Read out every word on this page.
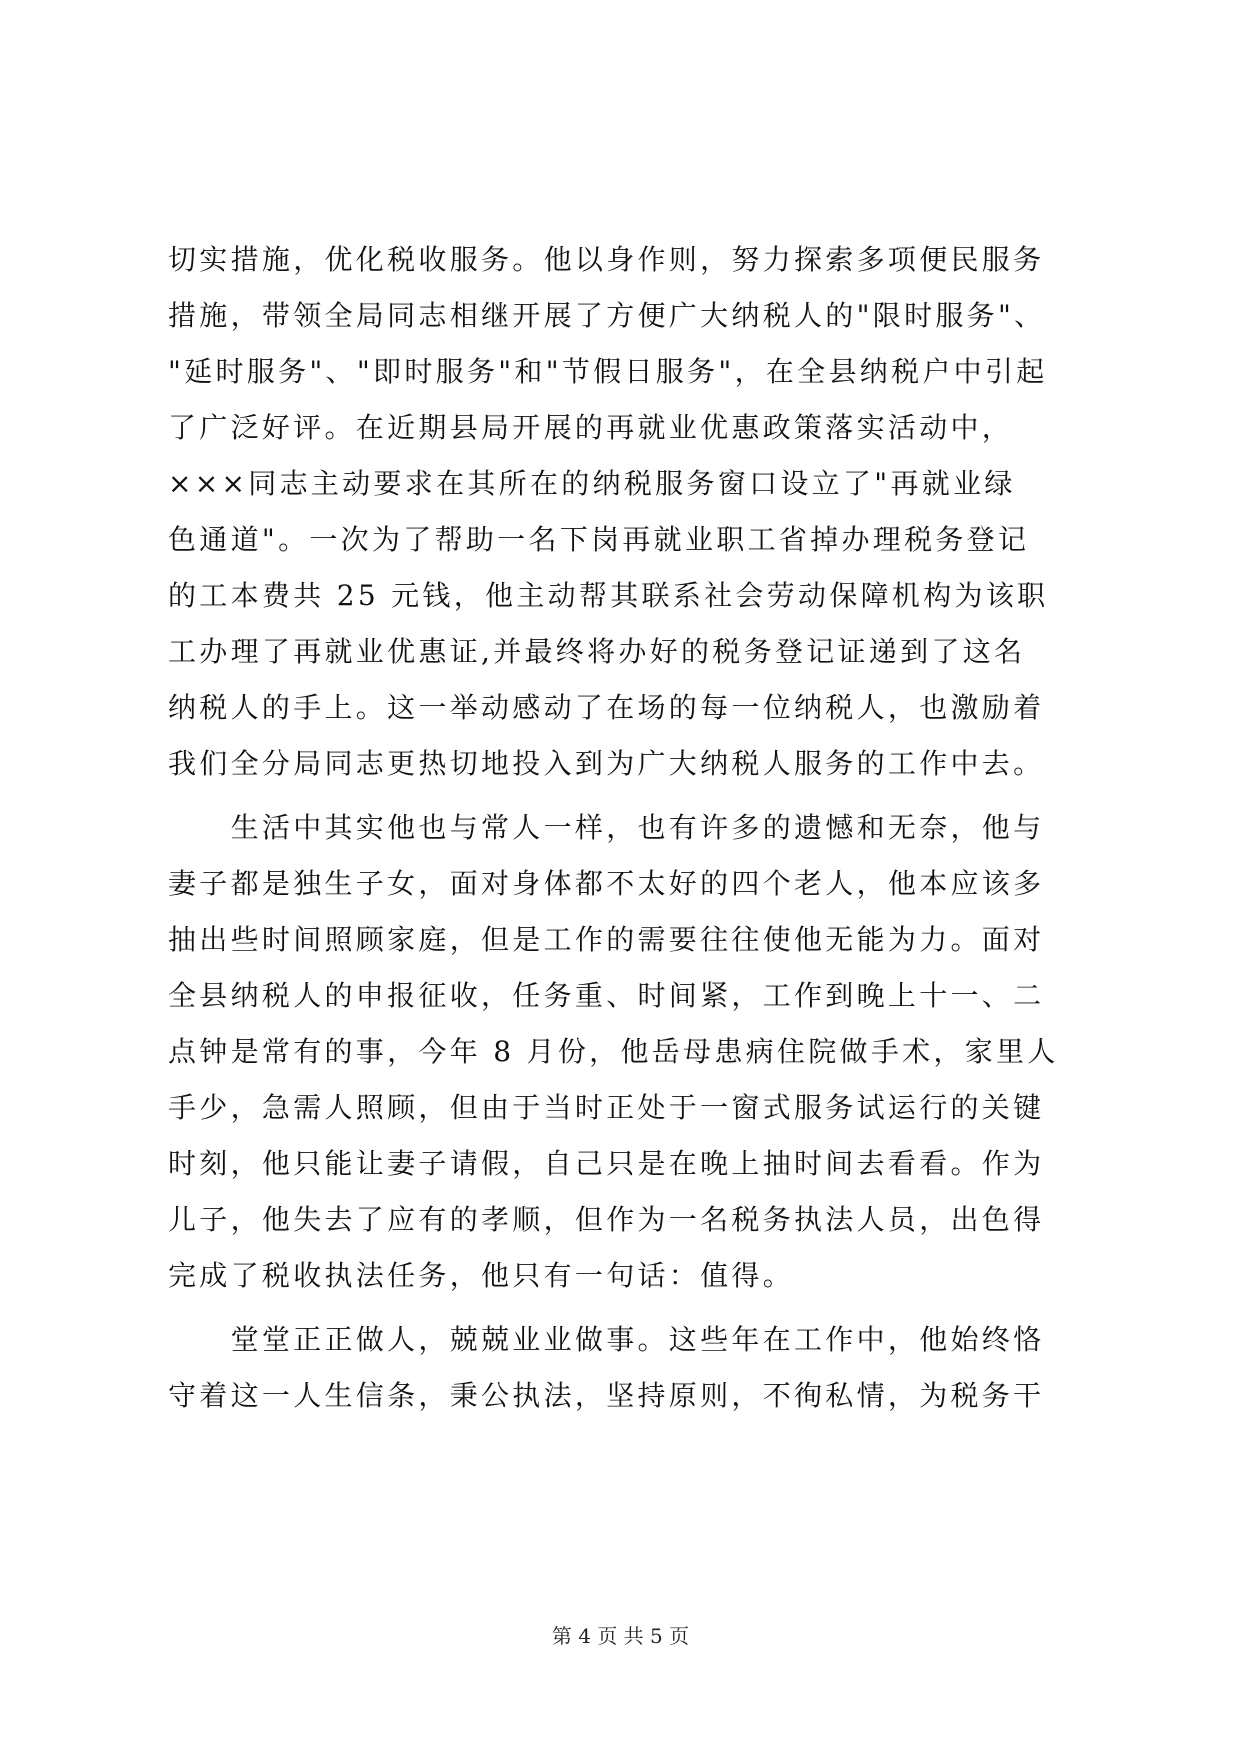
切实措施，优化税收服务。他以身作则，努力探索多项便民服务
措施，带领全局同志相继开展了方便广大纳税人的"限时服务"、
"延时服务"、"即时服务"和"节假日服务"，在全县纳税户中引起
了广泛好评。在近期县局开展的再就业优惠政策落实活动中，
×××同志主动要求在其所在的纳税服务窗口设立了"再就业绿
色通道"。一次为了帮助一名下岗再就业职工省掉办理税务登记
的工本费共 25 元钱，他主动帮其联系社会劳动保障机构为该职
工办理了再就业优惠证,并最终将办好的税务登记证递到了这名
纳税人的手上。这一举动感动了在场的每一位纳税人，也激励着
我们全分局同志更热切地投入到为广大纳税人服务的工作中去。
　　生活中其实他也与常人一样，也有许多的遗憾和无奈，他与
妻子都是独生子女，面对身体都不太好的四个老人，他本应该多
抽出些时间照顾家庭，但是工作的需要往往使他无能为力。面对
全县纳税人的申报征收，任务重、时间紧，工作到晚上十一、二
点钟是常有的事，今年 8 月份，他岳母患病住院做手术，家里人
手少，急需人照顾，但由于当时正处于一窗式服务试运行的关键
时刻，他只能让妻子请假，自己只是在晚上抽时间去看看。作为
儿子，他失去了应有的孝顺，但作为一名税务执法人员，出色得
完成了税收执法任务，他只有一句话：值得。
　　堂堂正正做人，兢兢业业做事。这些年在工作中，他始终恪
守着这一人生信条，秉公执法，坚持原则，不徇私情，为税务干
第 4 页 共 5 页
